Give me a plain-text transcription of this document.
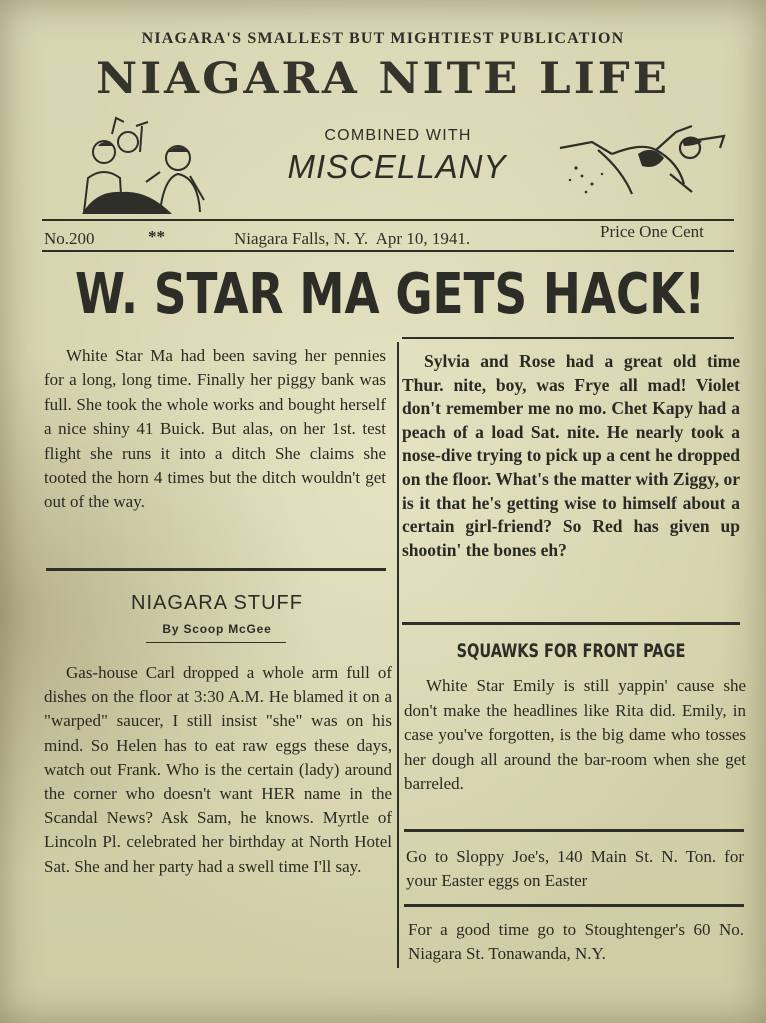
NIAGARA'S SMALLEST BUT MIGHTIEST PUBLICATION
NIAGARA NITE LIFE
COMBINED WITH
MISCELLANY
No.200	**	Niagara Falls, N. Y.  Apr 10, 1941.	Price One Cent
W. STAR MA GETS HACK!
White Star Ma had been saving her pennies for a long, long time. Finally her piggy bank was full. She took the whole works and bought herself a nice shiny 41 Buick. But alas, on her 1st. test flight she runs it into a ditch She claims she tooted the horn 4 times but the ditch wouldn't get out of the way.
NIAGARA STUFF
By Scoop McGee
Gas-house Carl dropped a whole arm full of dishes on the floor at 3:30 A.M. He blamed it on a "warped" saucer, I still insist "she" was on his mind. So Helen has to eat raw eggs these days, watch out Frank. Who is the certain (lady) around the corner who doesn't want HER name in the Scandal News? Ask Sam, he knows. Myrtle of Lincoln Pl. celebrated her birthday at North Hotel Sat. She and her party had a swell time I'll say.
Sylvia and Rose had a great old time Thur. nite, boy, was Frye all mad! Violet don't remember me no mo. Chet Kapy had a peach of a load Sat. nite. He nearly took a nose-dive trying to pick up a cent he dropped on the floor. What's the matter with Ziggy, or is it that he's getting wise to himself about a certain girl-friend? So Red has given up shootin' the bones eh?
SQUAWKS FOR FRONT PAGE
White Star Emily is still yappin' cause she don't make the headlines like Rita did. Emily, in case you've forgotten, is the big dame who tosses her dough all around the bar-room when she get barreled.
Go to Sloppy Joe's, 140 Main St. N. Ton. for your Easter eggs on Easter
For a good time go to Stoughtenger's 60 No. Niagara St. Tonawanda, N.Y.
